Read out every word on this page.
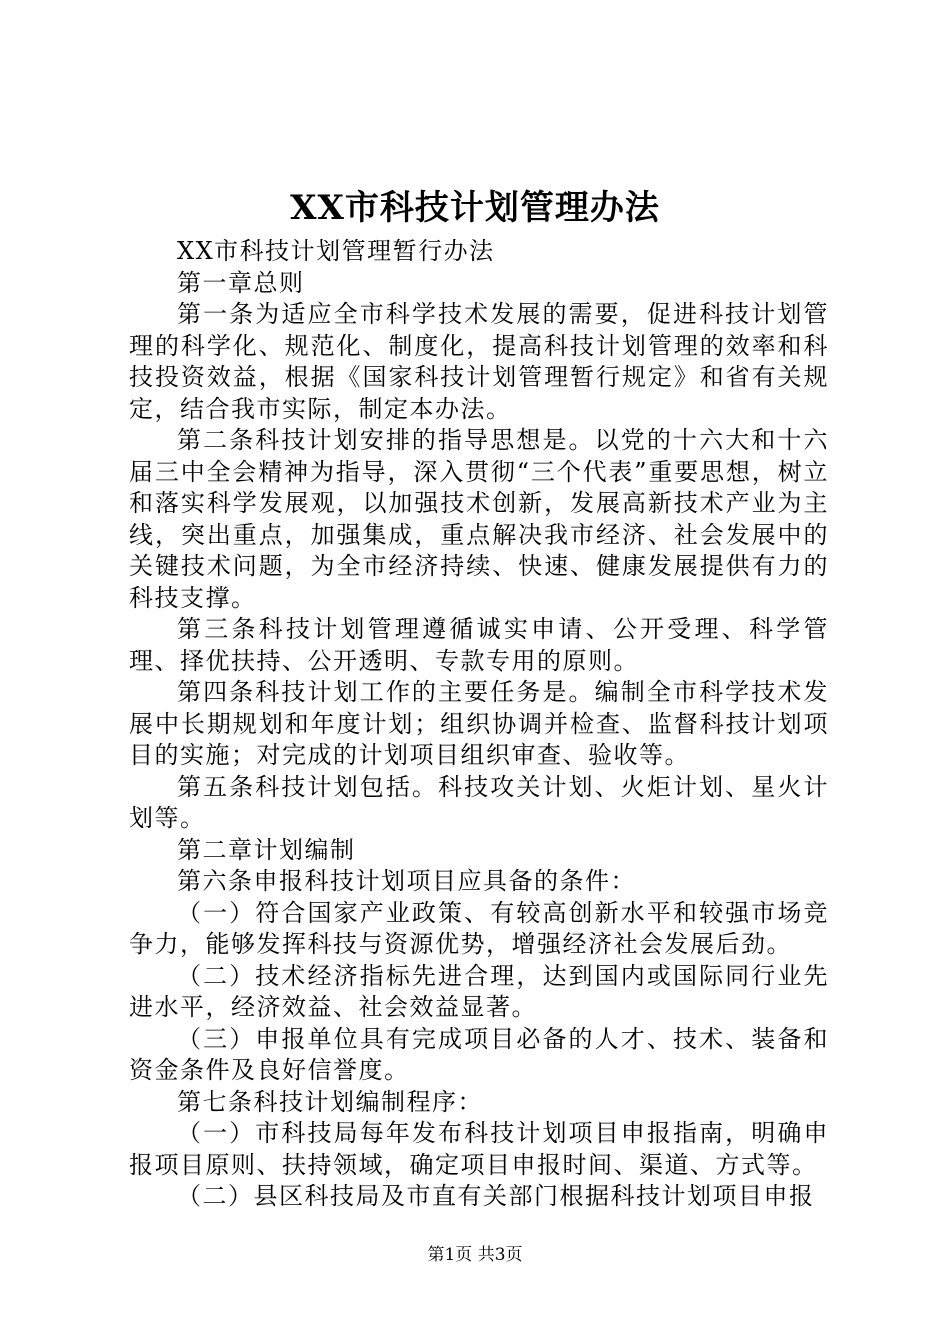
XX市科技计划管理办法

XX市科技计划管理暂行办法

第一章总则

第一条为适应全市科学技术发展的需要，促进科技计划管理的科学化、规范化、制度化，提高科技计划管理的效率和科技投资效益，根据《国家科技计划管理暂行规定》和省有关规定，结合我市实际，制定本办法。

第二条科技计划安排的指导思想是。以党的十六大和十六届三中全会精神为指导，深入贯彻“三个代表”重要思想，树立和落实科学发展观，以加强技术创新，发展高新技术产业为主线，突出重点，加强集成，重点解决我市经济、社会发展中的关键技术问题，为全市经济持续、快速、健康发展提供有力的科技支撑。

第三条科技计划管理遵循诚实申请、公开受理、科学管理、择优扶持、公开透明、专款专用的原则。

第四条科技计划工作的主要任务是。编制全市科学技术发展中长期规划和年度计划；组织协调并检查、监督科技计划项目的实施；对完成的计划项目组织审查、验收等。

第五条科技计划包括。科技攻关计划、火炬计划、星火计划等。

第二章计划编制

第六条申报科技计划项目应具备的条件：

（一）符合国家产业政策、有较高创新水平和较强市场竞争力，能够发挥科技与资源优势，增强经济社会发展后劲。

（二）技术经济指标先进合理，达到国内或国际同行业先进水平，经济效益、社会效益显著。

（三）申报单位具有完成项目必备的人才、技术、装备和资金条件及良好信誉度。

第七条科技计划编制程序：

（一）市科技局每年发布科技计划项目申报指南，明确申报项目原则、扶持领域，确定项目申报时间、渠道、方式等。

（二）县区科技局及市直有关部门根据科技计划项目申报

第1页 共3页
